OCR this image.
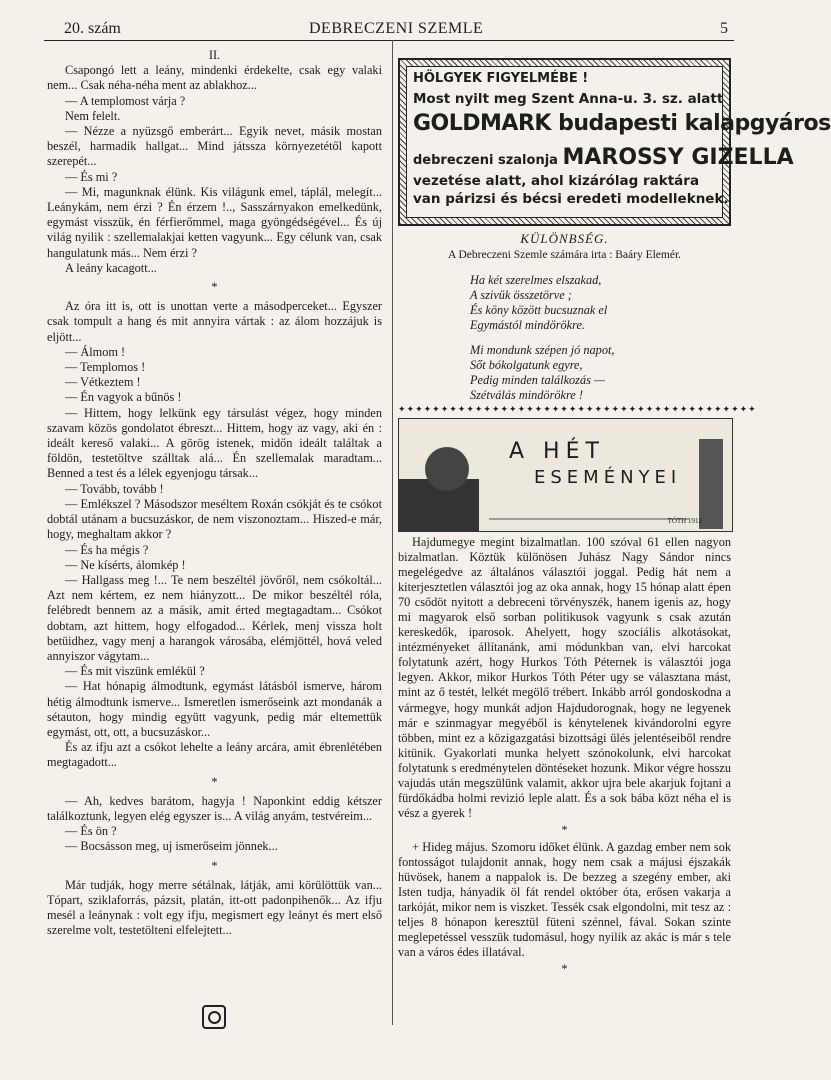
20. szám	DEBRECZENI SZEMLE	5

II.

Csapongó lett a leány, mindenki érdekelte, csak egy valaki nem... Csak néha-néha ment az ablakhoz...

— A templomost várja ?

Nem felelt.

— Nézze a nyüzsgő emberárt... Egyik nevet, másik mostan beszél, harmadik hallgat... Mind játssza környezetétől kapott szerepét...

— És mi ?

— Mi, magunknak élünk. Kis világunk emel, táplál, melegít... Leánykám, nem érzi ? Én érzem !.., Sasszárnyakon emelkedünk, egymást visszük, én férfierőmmel, maga gyöngédségével... És új világ nyilik : szellemalakjai ketten vagyunk... Egy célunk van, csak hangulatunk más... Nem érzi ?

A leány kacagott...

*

Az óra itt is, ott is unottan verte a másodperceket... Egyszer csak tompult a hang és mit annyira vártak : az álom hozzájuk is eljött...

— Álmom !

— Templomos !

— Vétkeztem !

— Én vagyok a bűnös !

— Hittem, hogy lelkünk egy társulást végez, hogy minden szavam közös gondolatot ébreszt... Hittem, hogy az vagy, aki én : ideált kereső valaki... A görög istenek, midőn ideált találtak a földön, testetöltve szálltak alá... Én szellemalak maradtam... Benned a test és a lélek egyenjogu társak...

— Tovább, tovább !

— Emlékszel ? Másodszor meséltem Roxán csókját és te csókot dobtál utánam a bucsuzáskor, de nem viszonoztam... Hiszed-e már, hogy, meghaltam akkor ?

— És ha mégis ?

— Ne kísérts, álomkép !

— Hallgass meg !... Te nem beszéltél jövőről, nem csókoltál... Azt nem kértem, ez nem hiányzott... De mikor beszéltél róla, felébredt bennem az a másik, amit érted megtagadtam... Csókot dobtam, azt hittem, hogy elfogadod... Kérlek, menj vissza holt betüidhez, vagy menj a harangok városába, elémjöttél, hová veled annyiszor vágytam...

— És mit viszünk emlékül ?

— Hat hónapig álmodtunk, egymást látásból ismerve, három hétig álmodtunk ismerve... Ismeretlen ismerőseink azt mondanák a sétauton, hogy mindig együtt vagyunk, pedig már eltemettük egymást, ott, ott, a bucsuzáskor...

És az ifju azt a csókot lehelte a leány arcára, amit ébrenlétében megtagadott...

*

— Ah, kedves barátom, hagyja ! Naponkint eddig kétszer találkoztunk, legyen elég egyszer is... A világ anyám, testvéreim...

— És ön ?

— Bocsásson meg, uj ismerőseim jönnek...

*

Már tudják, hogy merre sétálnak, látják, ami körülöttük van... Tópart, sziklaforrás, pázsit, platán, itt-ott padonpihenők... Az ifju mesél a leánynak : volt egy ifju, megismert egy leányt és mert első szerelme volt, testetölteni elfelejtett...

HÖLGYEK FIGYELMÉBE !
Most nyilt meg Szent Anna-u. 3. sz. alatt
GOLDMARK budapesti kalapgyáros
debreczeni szalonja MAROSSY GIZELLA
vezetése alatt, ahol kizárólag raktára
van párizsi és bécsi eredeti modelleknek.
KÜLÖNBSÉG.
A Debreczeni Szemle számára irta : Baáry Elemér.
Ha két szerelmes elszakad,
A szivük összetörve ;
És köny között bucsuznak el
Egymástól mindörökre.
Mi mondunk szépen jó napot,
Sőt bókolgatunk egyre,
Pedig minden találkozás —
Szétválás mindörökre !
✦✦✦✦✦✦✦✦✦✦✦✦✦✦✦✦✦✦✦✦✦✦✦✦✦✦✦✦✦✦✦✦✦✦✦✦✦✦✦✦✦✦
A HÉT
ESEMÉNYEI
TÓTH 1912

Hajdumegye megint bizalmatlan. 100 szóval 61 ellen nagyon bizalmatlan. Köztük különösen Juhász Nagy Sándor nincs megelégedve az általános választói joggal. Pedig hát nem a kiterjesztetlen választói jog az oka annak, hogy 15 hónap alatt épen 70 csődöt nyitott a debreceni törvényszék, hanem igenis az, hogy mi magyarok első sorban politikusok vagyunk s csak azután kereskedők, iparosok. Ahelyett, hogy szociális alkotásokat, intézményeket állítanánk, ami módunkban van, elvi harcokat folytatunk azért, hogy Hurkos Tóth Péternek is választói joga legyen. Akkor, mikor Hurkos Tóth Péter ugy se választana mást, mint az ő testét, lelkét megölő trébert. Inkább arról gondoskodna a vármegye, hogy munkát adjon Hajdudorognak, hogy ne legyenek már e szinmagyar megyéből is kénytelenek kivándorolni egyre többen, mint ez a közigazgatási bizottsági ülés jelentéseiből rendre kitünik. Gyakorlati munka helyett szónokolunk, elvi harcokat folytatunk s eredménytelen döntéseket hozunk. Mikor végre hosszu vajudás után megszülünk valamit, akkor ujra bele akarjuk fojtani a fürdőkádba holmi revizió leple alatt. És a sok bába közt néha el is vész a gyerek !

*

+ Hideg május. Szomoru időket élünk. A gazdag ember nem sok fontosságot tulajdonit annak, hogy nem csak a májusi éjszakák hüvösek, hanem a nappalok is. De bezzeg a szegény ember, aki Isten tudja, hányadik öl fát rendel október óta, erősen vakarja a tarkóját, mikor nem is viszket. Tessék csak elgondolni, mit tesz az : teljes 8 hónapon keresztül füteni szénnel, fával. Sokan szinte meglepetéssel vesszük tudomásul, hogy nyilik az akác is már s tele van a város édes illatával.

*
